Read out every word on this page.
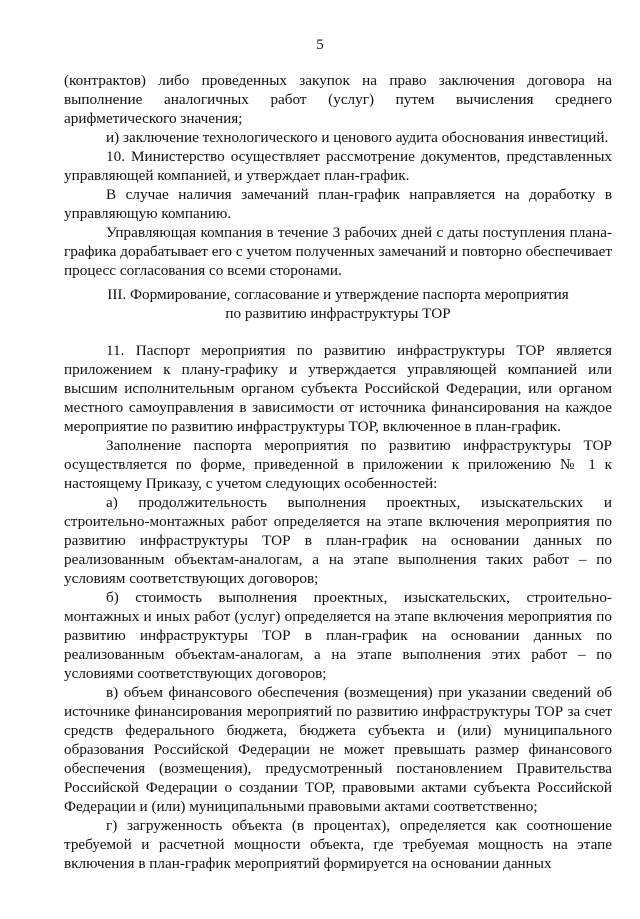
5

(контрактов) либо проведенных закупок на право заключения договора на выполнение аналогичных работ (услуг) путем вычисления среднего арифметического значения;

и) заключение технологического и ценового аудита обоснования инвестиций.

10. Министерство осуществляет рассмотрение документов, представленных управляющей компанией, и утверждает план-график.

В случае наличия замечаний план-график направляется на доработку в управляющую компанию.

Управляющая компания в течение 3 рабочих дней с даты поступления плана-графика дорабатывает его с учетом полученных замечаний и повторно обеспечивает процесс согласования со всеми сторонами.

III. Формирование, согласование и утверждение паспорта мероприятия
по развитию инфраструктуры ТОР

11. Паспорт мероприятия по развитию инфраструктуры ТОР является приложением к плану-графику и утверждается управляющей компанией или высшим исполнительным органом субъекта Российской Федерации, или органом местного самоуправления в зависимости от источника финансирования на каждое мероприятие по развитию инфраструктуры ТОР, включенное в план-график.

Заполнение паспорта мероприятия по развитию инфраструктуры ТОР осуществляется по форме, приведенной в приложении к приложению № 1 к настоящему Приказу, с учетом следующих особенностей:

а) продолжительность выполнения проектных, изыскательских и строительно-монтажных работ определяется на этапе включения мероприятия по развитию инфраструктуры ТОР в план-график на основании данных по реализованным объектам-аналогам, а на этапе выполнения таких работ – по условиям соответствующих договоров;

б) стоимость выполнения проектных, изыскательских, строительно-монтажных и иных работ (услуг) определяется на этапе включения мероприятия по развитию инфраструктуры ТОР в план-график на основании данных по реализованным объектам-аналогам, а на этапе выполнения этих работ – по условиями соответствующих договоров;

в) объем финансового обеспечения (возмещения) при указании сведений об источнике финансирования мероприятий по развитию инфраструктуры ТОР за счет средств федерального бюджета, бюджета субъекта и (или) муниципального образования Российской Федерации не может превышать размер финансового обеспечения (возмещения), предусмотренный постановлением Правительства Российской Федерации о создании ТОР, правовыми актами субъекта Российской Федерации и (или) муниципальными правовыми актами соответственно;

г) загруженность объекта (в процентах), определяется как соотношение требуемой и расчетной мощности объекта, где требуемая мощность на этапе включения в план-график мероприятий формируется на основании данных
